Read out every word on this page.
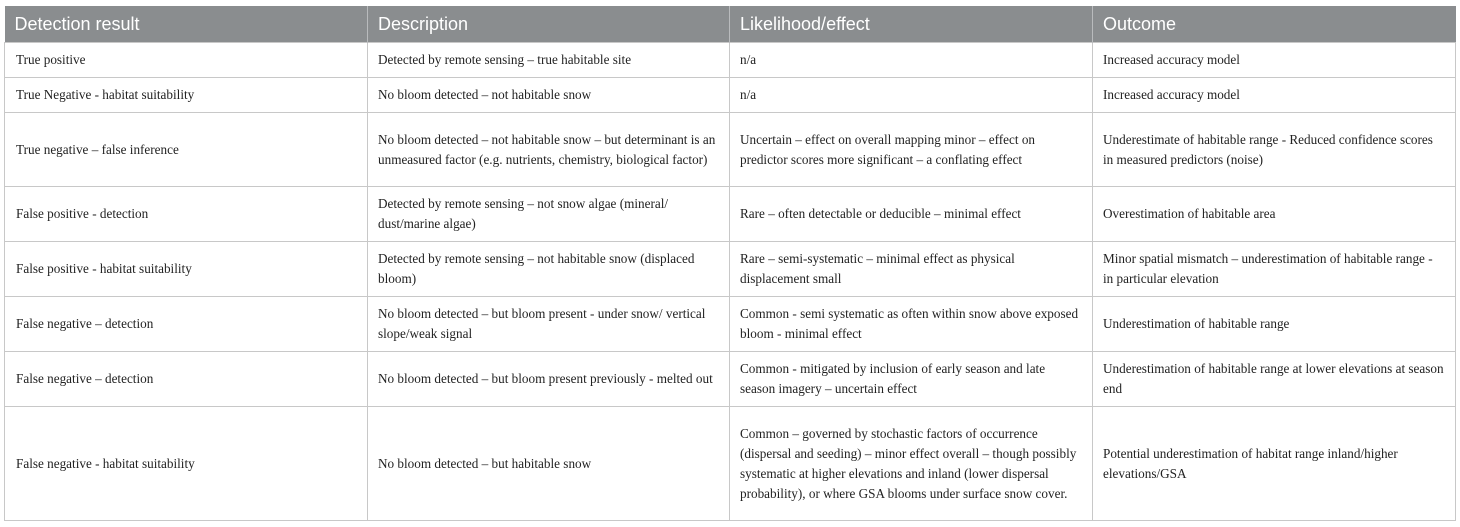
Detection result	Description	Likelihood/effect	Outcome
True positive	Detected by remote sensing – true habitable site	n/a	Increased accuracy model
True Negative - habitat suitability	No bloom detected – not habitable snow	n/a	Increased accuracy model
True negative – false inference	No bloom detected – not habitable snow – but determinant is an unmeasured factor (e.g. nutrients, chemistry, biological factor)	Uncertain – effect on overall mapping minor – effect on predictor scores more significant – a conflating effect	Underestimate of habitable range - Reduced confidence scores in measured predictors (noise)
False positive - detection	Detected by remote sensing – not snow algae (mineral/ dust/marine algae)	Rare – often detectable or deducible – minimal effect	Overestimation of habitable area
False positive - habitat suitability	Detected by remote sensing – not habitable snow (displaced bloom)	Rare – semi-systematic – minimal effect as physical displacement small	Minor spatial mismatch – underestimation of habitable range - in particular elevation
False negative – detection	No bloom detected – but bloom present - under snow/ vertical slope/weak signal	Common - semi systematic as often within snow above exposed bloom - minimal effect	Underestimation of habitable range
False negative – detection	No bloom detected – but bloom present previously - melted out	Common - mitigated by inclusion of early season and late season imagery – uncertain effect	Underestimation of habitable range at lower elevations at season end
False negative - habitat suitability	No bloom detected – but habitable snow	Common – governed by stochastic factors of occurrence (dispersal and seeding) – minor effect overall – though possibly systematic at higher elevations and inland (lower dispersal probability), or where GSA blooms under surface snow cover.	Potential underestimation of habitat range inland/higher elevations/GSA
